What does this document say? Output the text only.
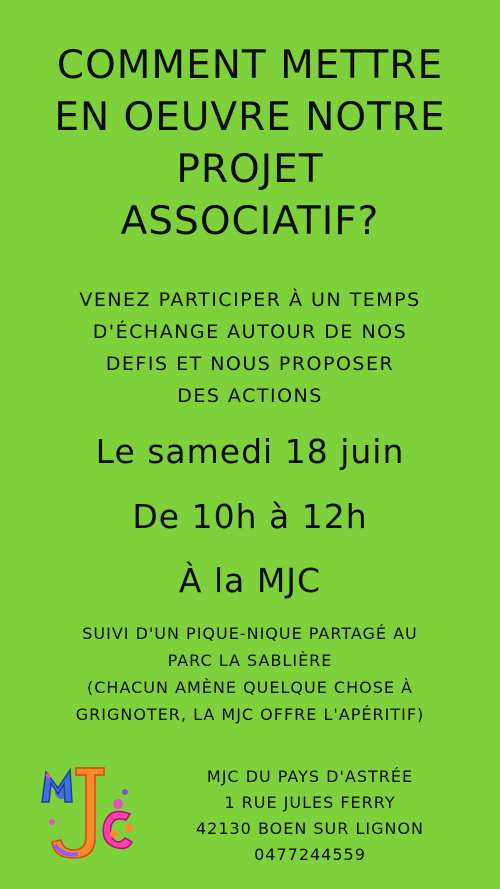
COMMENT METTRE
EN OEUVRE NOTRE
PROJET
ASSOCIATIF?
VENEZ PARTICIPER À UN TEMPS
D'ÉCHANGE AUTOUR DE NOS
DEFIS ET NOUS PROPOSER
DES ACTIONS
Le samedi 18 juin
De 10h à 12h
À la MJC
SUIVI D'UN PIQUE-NIQUE PARTAGÉ AU
PARC LA SABLIÈRE
(CHACUN AMÈNE QUELQUE CHOSE À
GRIGNOTER, LA MJC OFFRE L'APÉRITIF)
MJC
MJC DU PAYS D'ASTRÉE
1 RUE JULES FERRY
42130 BOEN SUR LIGNON
0477244559
